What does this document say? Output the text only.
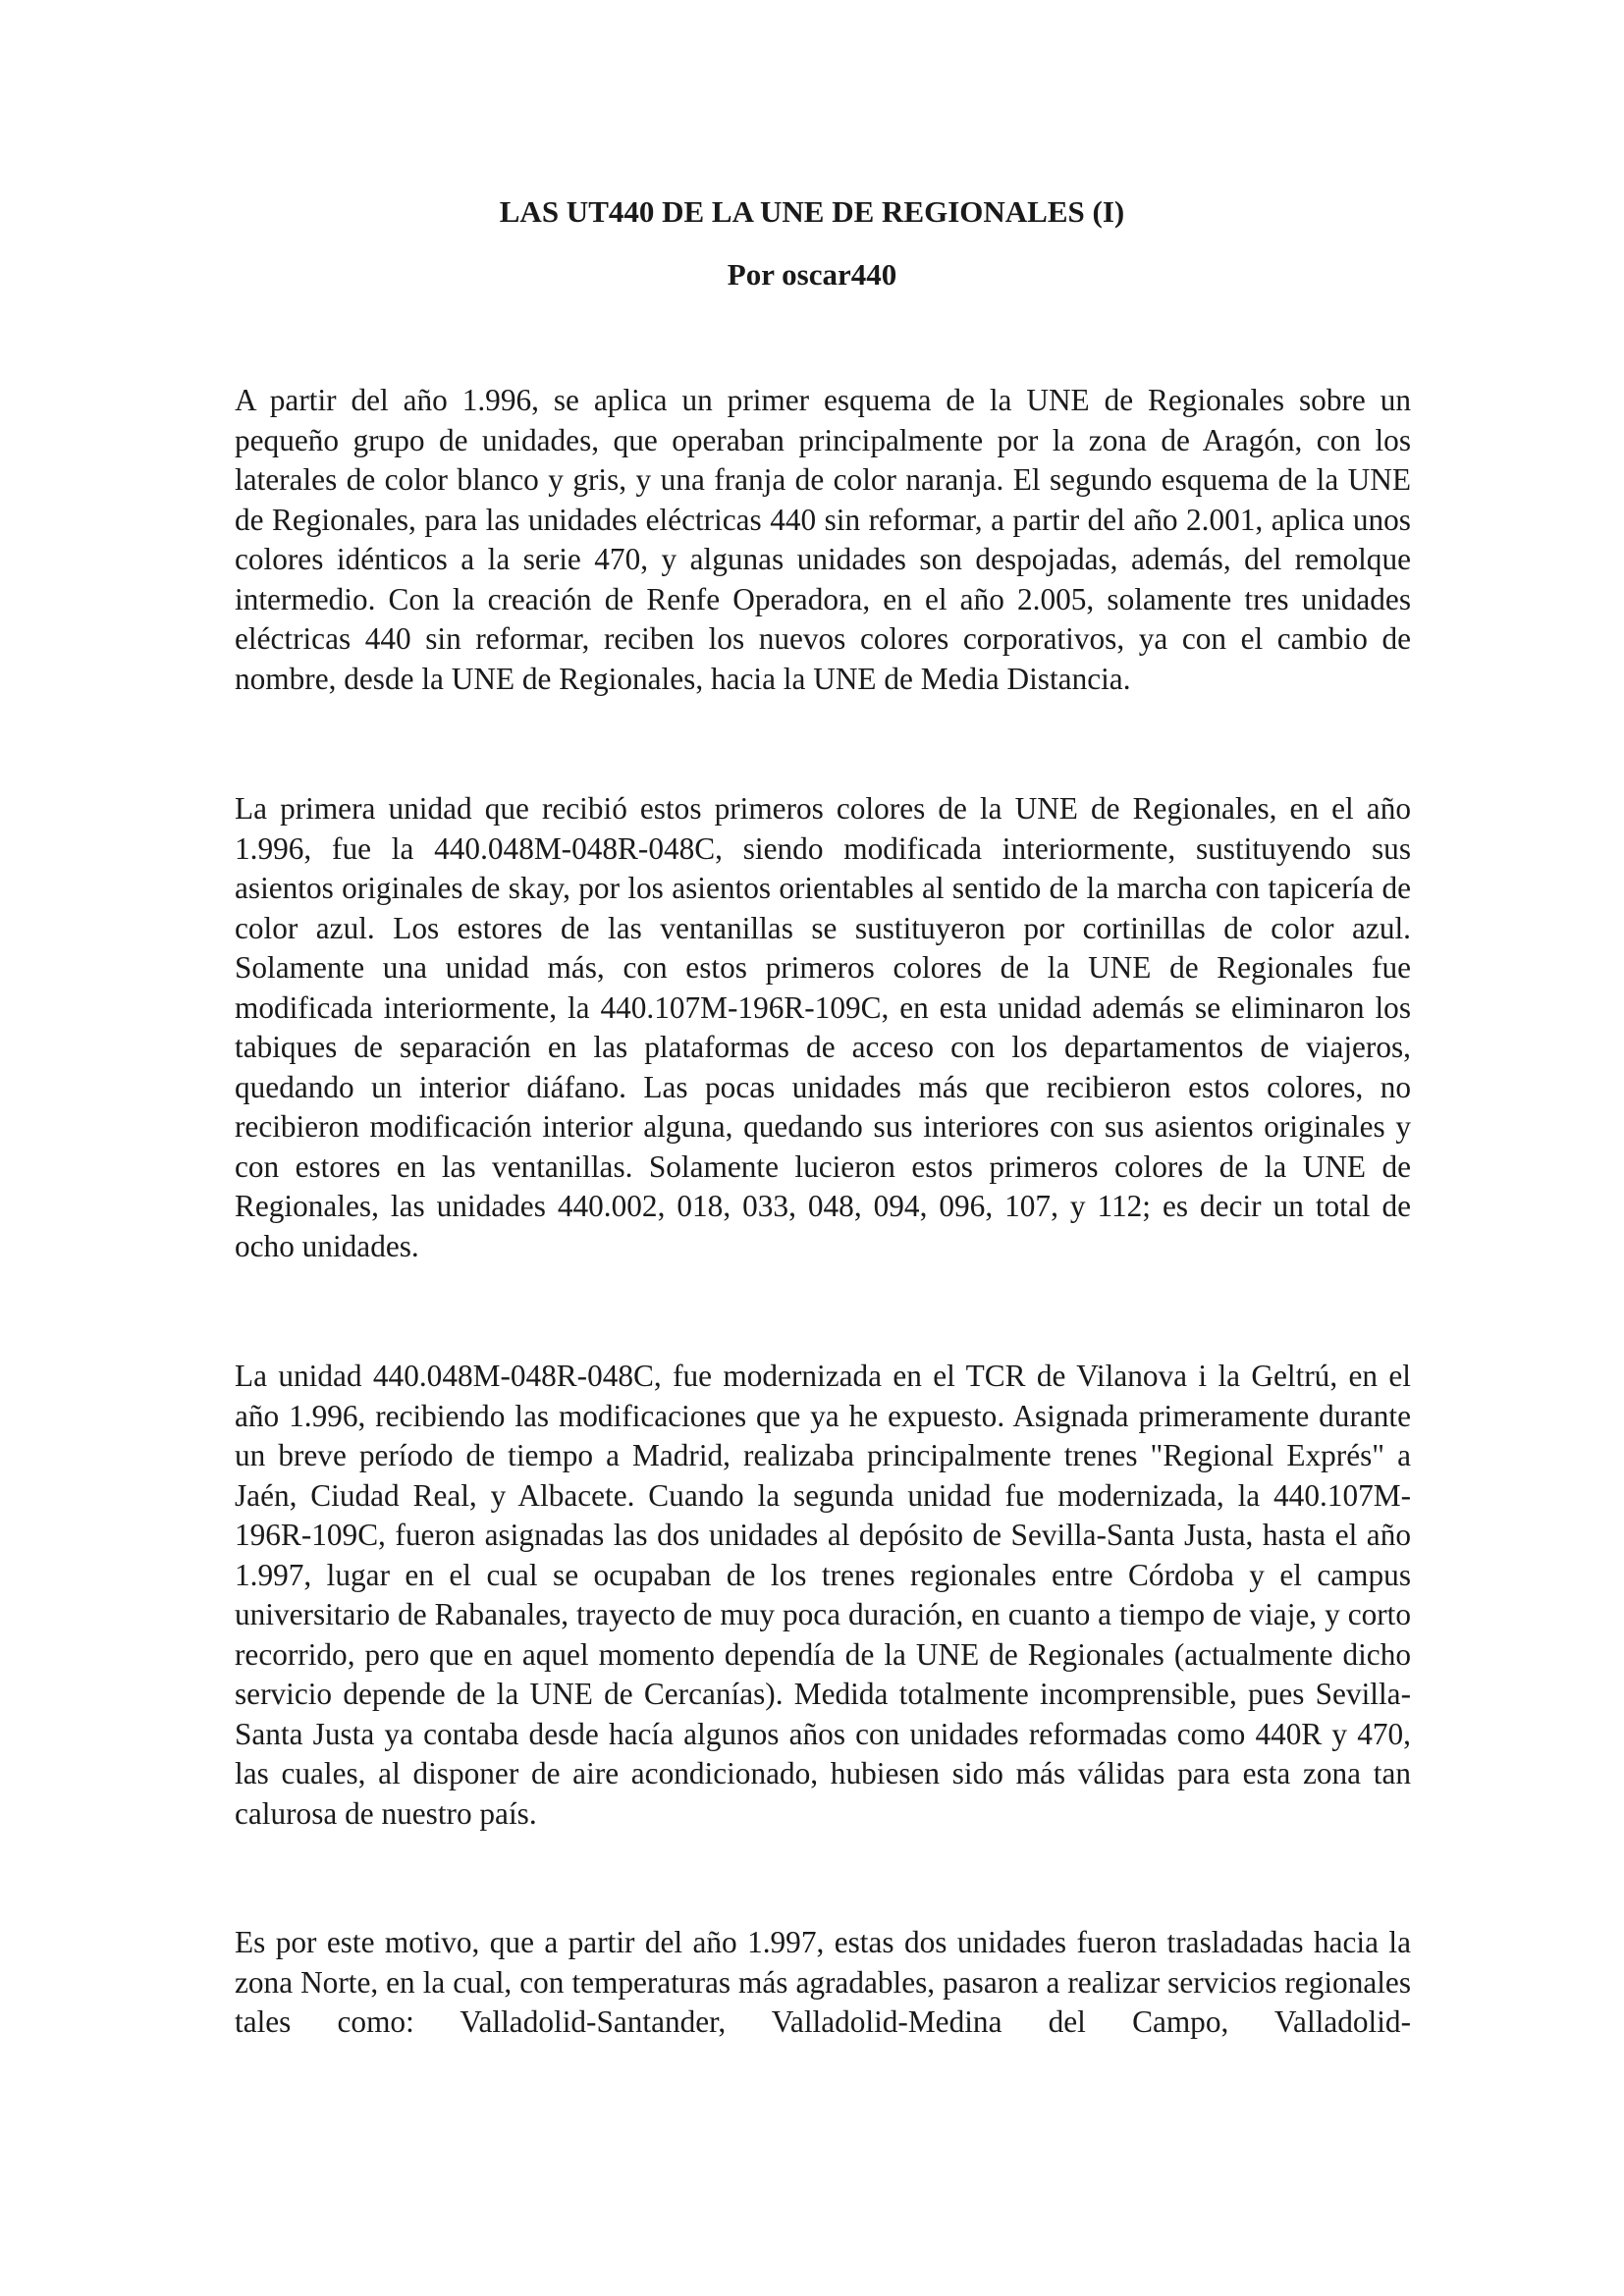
LAS UT440 DE LA UNE DE REGIONALES (I)
Por oscar440

A partir del año 1.996, se aplica un primer esquema de la UNE de Regionales sobre un pequeño grupo de unidades, que operaban principalmente por la zona de Aragón, con los laterales de color blanco y gris, y una franja de color naranja. El segundo esquema de la UNE de Regionales, para las unidades eléctricas 440 sin reformar, a partir del año 2.001, aplica unos colores idénticos a la serie 470, y algunas unidades son despojadas, además, del remolque intermedio. Con la creación de Renfe Operadora, en el año 2.005, solamente tres unidades eléctricas 440 sin reformar, reciben los nuevos colores corporativos, ya con el cambio de nombre, desde la UNE de Regionales, hacia la UNE de Media Distancia.

La primera unidad que recibió estos primeros colores de la UNE de Regionales, en el año 1.996, fue la 440.048M-048R-048C, siendo modificada interiormente, sustituyendo sus asientos originales de skay, por los asientos orientables al sentido de la marcha con tapicería de color azul. Los estores de las ventanillas se sustituyeron por cortinillas de color azul. Solamente una unidad más, con estos primeros colores de la UNE de Regionales fue modificada interiormente, la 440.107M-196R-109C, en esta unidad además se eliminaron los tabiques de separación en las plataformas de acceso con los departamentos de viajeros, quedando un interior diáfano. Las pocas unidades más que recibieron estos colores, no recibieron modificación interior alguna, quedando sus interiores con sus asientos originales y con estores en las ventanillas. Solamente lucieron estos primeros colores de la UNE de Regionales, las unidades 440.002, 018, 033, 048, 094, 096, 107, y 112; es decir un total de ocho unidades.

La unidad 440.048M-048R-048C, fue modernizada en el TCR de Vilanova i la Geltrú, en el año 1.996, recibiendo las modificaciones que ya he expuesto. Asignada primeramente durante un breve período de tiempo a Madrid, realizaba principalmente trenes "Regional Exprés" a Jaén, Ciudad Real, y Albacete. Cuando la segunda unidad fue modernizada, la 440.107M-196R-109C, fueron asignadas las dos unidades al depósito de Sevilla-Santa Justa, hasta el año 1.997, lugar en el cual se ocupaban de los trenes regionales entre Córdoba y el campus universitario de Rabanales, trayecto de muy poca duración, en cuanto a tiempo de viaje, y corto recorrido, pero que en aquel momento dependía de la UNE de Regionales (actualmente dicho servicio depende de la UNE de Cercanías). Medida totalmente incomprensible, pues Sevilla-Santa Justa ya contaba desde hacía algunos años con unidades reformadas como 440R y 470, las cuales, al disponer de aire acondicionado, hubiesen sido más válidas para esta zona tan calurosa de nuestro país.

Es por este motivo, que a partir del año 1.997, estas dos unidades fueron trasladadas hacia la zona Norte, en la cual, con temperaturas más agradables, pasaron a realizar servicios regionales tales como: Valladolid-Santander, Valladolid-Medina del Campo, Valladolid-
